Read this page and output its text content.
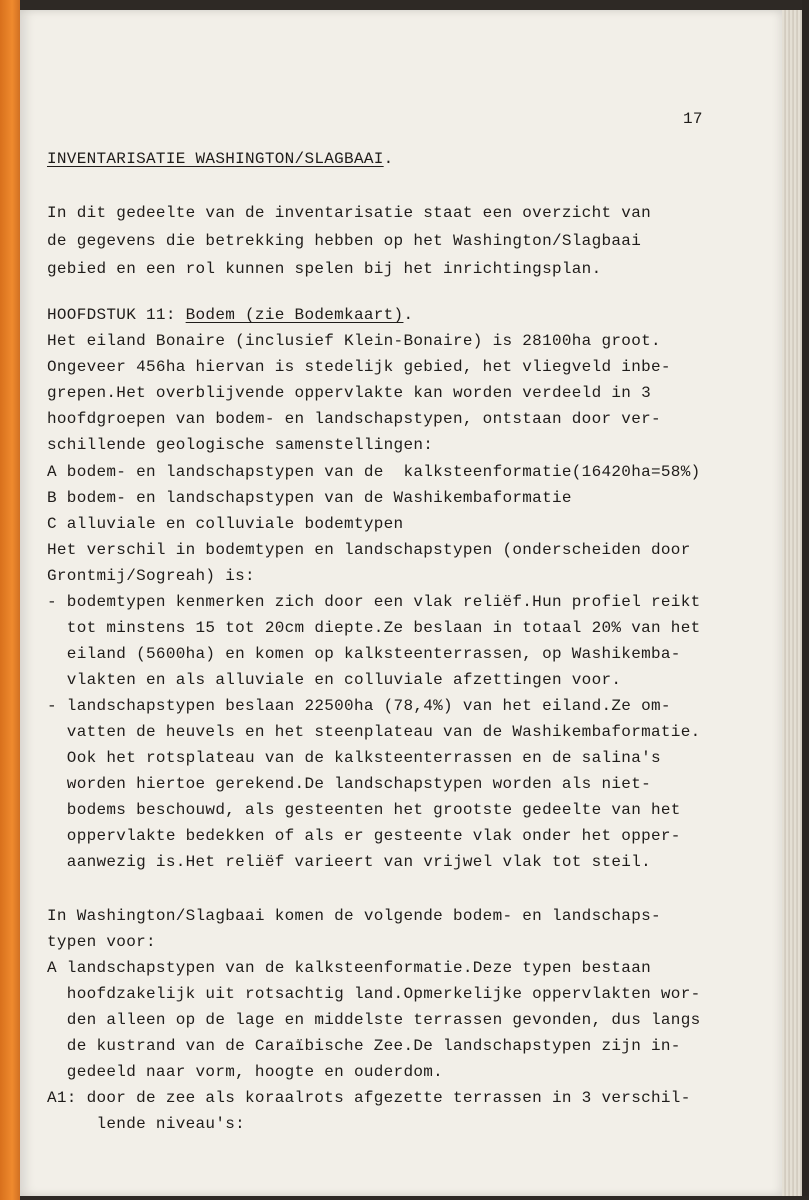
17
INVENTARISATIE WASHINGTON/SLAGBAAI.
In dit gedeelte van de inventarisatie staat een overzicht van
de gegevens die betrekking hebben op het Washington/Slagbaai
gebied en een rol kunnen spelen bij het inrichtingsplan.
HOOFDSTUK 11: Bodem (zie Bodemkaart).
Het eiland Bonaire (inclusief Klein-Bonaire) is 28100ha groot.
Ongeveer 456ha hiervan is stedelijk gebied, het vliegveld inbe-
grepen.Het overblijvende oppervlakte kan worden verdeeld in 3
hoofdgroepen van bodem- en landschapstypen, ontstaan door ver-
schillende geologische samenstellingen:
A bodem- en landschapstypen van de  kalksteenformatie(16420ha=58%)
B bodem- en landschapstypen van de Washikembaformatie
C alluviale en colluviale bodemtypen
Het verschil in bodemtypen en landschapstypen (onderscheiden door
Grontmij/Sogreah) is:
- bodemtypen kenmerken zich door een vlak reliëf.Hun profiel reikt
tot minstens 15 tot 20cm diepte.Ze beslaan in totaal 20% van het
eiland (5600ha) en komen op kalksteenterrassen, op Washikemba-
vlakten en als alluviale en colluviale afzettingen voor.
- landschapstypen beslaan 22500ha (78,4%) van het eiland.Ze om-
vatten de heuvels en het steenplateau van de Washikembaformatie.
Ook het rotsplateau van de kalksteenterrassen en de salina's
worden hiertoe gerekend.De landschapstypen worden als niet-
bodems beschouwd, als gesteenten het grootste gedeelte van het
oppervlakte bedekken of als er gesteente vlak onder het opper-
aanwezig is.Het reliëf varieert van vrijwel vlak tot steil.
In Washington/Slagbaai komen de volgende bodem- en landschaps-
typen voor:
A landschapstypen van de kalksteenformatie.Deze typen bestaan
hoofdzakelijk uit rotsachtig land.Opmerkelijke oppervlakten wor-
den alleen op de lage en middelste terrassen gevonden, dus langs
de kustrand van de Caraïbische Zee.De landschapstypen zijn in-
gedeeld naar vorm, hoogte en ouderdom.
A1: door de zee als koraalrots afgezette terrassen in 3 verschil-
lende niveau's:
